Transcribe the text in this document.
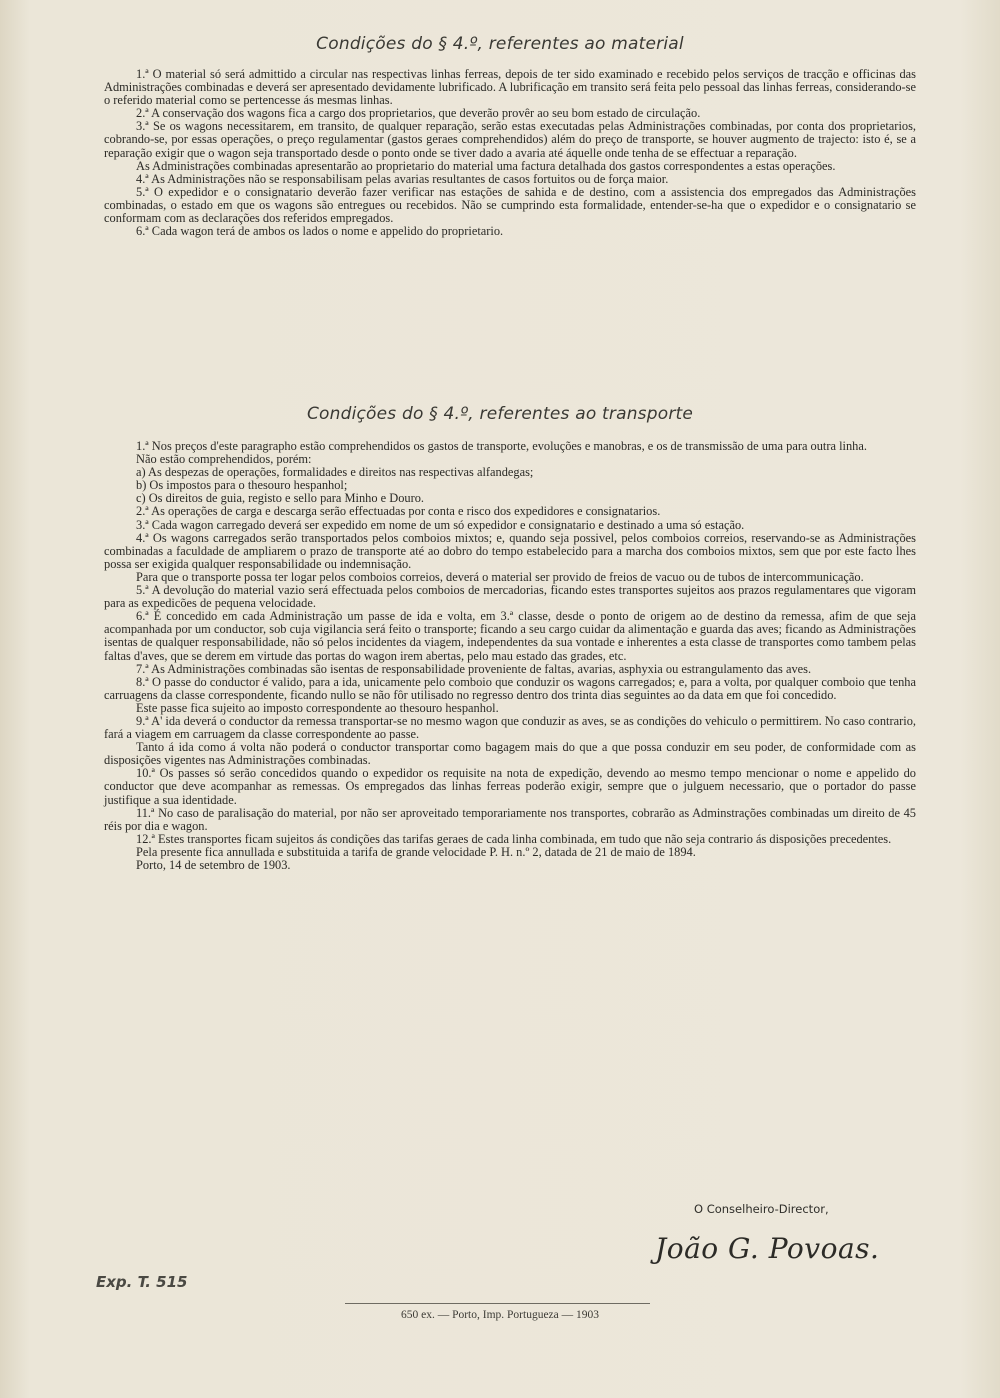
Condições do § 4.º, referentes ao material

1.ª O material só será admittido a circular nas respectivas linhas ferreas, depois de ter sido examinado e recebido pelos serviços de tracção e officinas das Administrações combinadas e deverá ser apresentado devidamente lubrificado. A lubrificação em transito será feita pelo pessoal das linhas ferreas, considerando-se o referido material como se pertencesse ás mesmas linhas.

2.ª A conservação dos wagons fica a cargo dos proprietarios, que deverão provêr ao seu bom estado de circulação.

3.ª Se os wagons necessitarem, em transito, de qualquer reparação, serão estas executadas pelas Administrações combinadas, por conta dos proprietarios, cobrando-se, por essas operações, o preço regulamentar (gastos geraes comprehendidos) além do preço de transporte, se houver augmento de trajecto: isto é, se a reparação exigir que o wagon seja transportado desde o ponto onde se tiver dado a avaria até áquelle onde tenha de se effectuar a reparação.

As Administrações combinadas apresentarão ao proprietario do material uma factura detalhada dos gastos correspondentes a estas operações.

4.ª As Administrações não se responsabilisam pelas avarias resultantes de casos fortuitos ou de força maior.

5.ª O expedidor e o consignatario deverão fazer verificar nas estações de sahida e de destino, com a assistencia dos empregados das Administrações combinadas, o estado em que os wagons são entregues ou recebidos. Não se cumprindo esta formalidade, entender-se-ha que o expedidor e o consignatario se conformam com as declarações dos referidos empregados.

6.ª Cada wagon terá de ambos os lados o nome e appelido do proprietario.

Condições do § 4.º, referentes ao transporte

1.ª Nos preços d'este paragrapho estão comprehendidos os gastos de transporte, evoluções e manobras, e os de transmissão de uma para outra linha.

Não estão comprehendidos, porém:

a) As despezas de operações, formalidades e direitos nas respectivas alfandegas;

b) Os impostos para o thesouro hespanhol;

c) Os direitos de guia, registo e sello para Minho e Douro.

2.ª As operações de carga e descarga serão effectuadas por conta e risco dos expedidores e consignatarios.

3.ª Cada wagon carregado deverá ser expedido em nome de um só expedidor e consignatario e destinado a uma só estação.

4.ª Os wagons carregados serão transportados pelos comboios mixtos; e, quando seja possivel, pelos comboios correios, reservando-se as Administrações combinadas a faculdade de ampliarem o prazo de transporte até ao dobro do tempo estabelecido para a marcha dos comboios mixtos, sem que por este facto lhes possa ser exigida qualquer responsabilidade ou indemnisação.

Para que o transporte possa ter logar pelos comboios correios, deverá o material ser provido de freios de vacuo ou de tubos de intercommunicação.

5.ª A devolução do material vazio será effectuada pelos comboios de mercadorias, ficando estes transportes sujeitos aos prazos regulamentares que vigoram para as expedicões de pequena velocidade.

6.ª É concedido em cada Administração um passe de ida e volta, em 3.ª classe, desde o ponto de origem ao de destino da remessa, afim de que seja acompanhada por um conductor, sob cuja vigilancia será feito o transporte; ficando a seu cargo cuidar da alimentação e guarda das aves; ficando as Administrações isentas de qualquer responsabilidade, não só pelos incidentes da viagem, independentes da sua vontade e inherentes a esta classe de transportes como tambem pelas faltas d'aves, que se derem em virtude das portas do wagon irem abertas, pelo mau estado das grades, etc.

7.ª As Administrações combinadas são isentas de responsabilidade proveniente de faltas, avarias, asphyxia ou estrangulamento das aves.

8.ª O passe do conductor é valido, para a ida, unicamente pelo comboio que conduzir os wagons carregados; e, para a volta, por qualquer comboio que tenha carruagens da classe correspondente, ficando nullo se não fôr utilisado no regresso dentro dos trinta dias seguintes ao da data em que foi concedido.

Este passe fica sujeito ao imposto correspondente ao thesouro hespanhol.

9.ª A' ida deverá o conductor da remessa transportar-se no mesmo wagon que conduzir as aves, se as condições do vehiculo o permittirem. No caso contrario, fará a viagem em carruagem da classe correspondente ao passe.

Tanto á ida como á volta não poderá o conductor transportar como bagagem mais do que a que possa conduzir em seu poder, de conformidade com as disposições vigentes nas Administrações combinadas.

10.ª Os passes só serão concedidos quando o expedidor os requisite na nota de expedição, devendo ao mesmo tempo mencionar o nome e appelido do conductor que deve acompanhar as remessas. Os empregados das linhas ferreas poderão exigir, sempre que o julguem necessario, que o portador do passe justifique a sua identidade.

11.ª No caso de paralisação do material, por não ser aproveitado temporariamente nos transportes, cobrarão as Adminstrações combinadas um direito de 45 réis por dia e wagon.

12.ª Estes transportes ficam sujeitos ás condições das tarifas geraes de cada linha combinada, em tudo que não seja contrario ás disposições precedentes.

Pela presente fica annullada e substituida a tarifa de grande velocidade P. H. n.º 2, datada de 21 de maio de 1894.

Porto, 14 de setembro de 1903.

O Conselheiro-Director,
João G. Povoas.
Exp. T. 515
650 ex. — Porto, Imp. Portugueza — 1903
